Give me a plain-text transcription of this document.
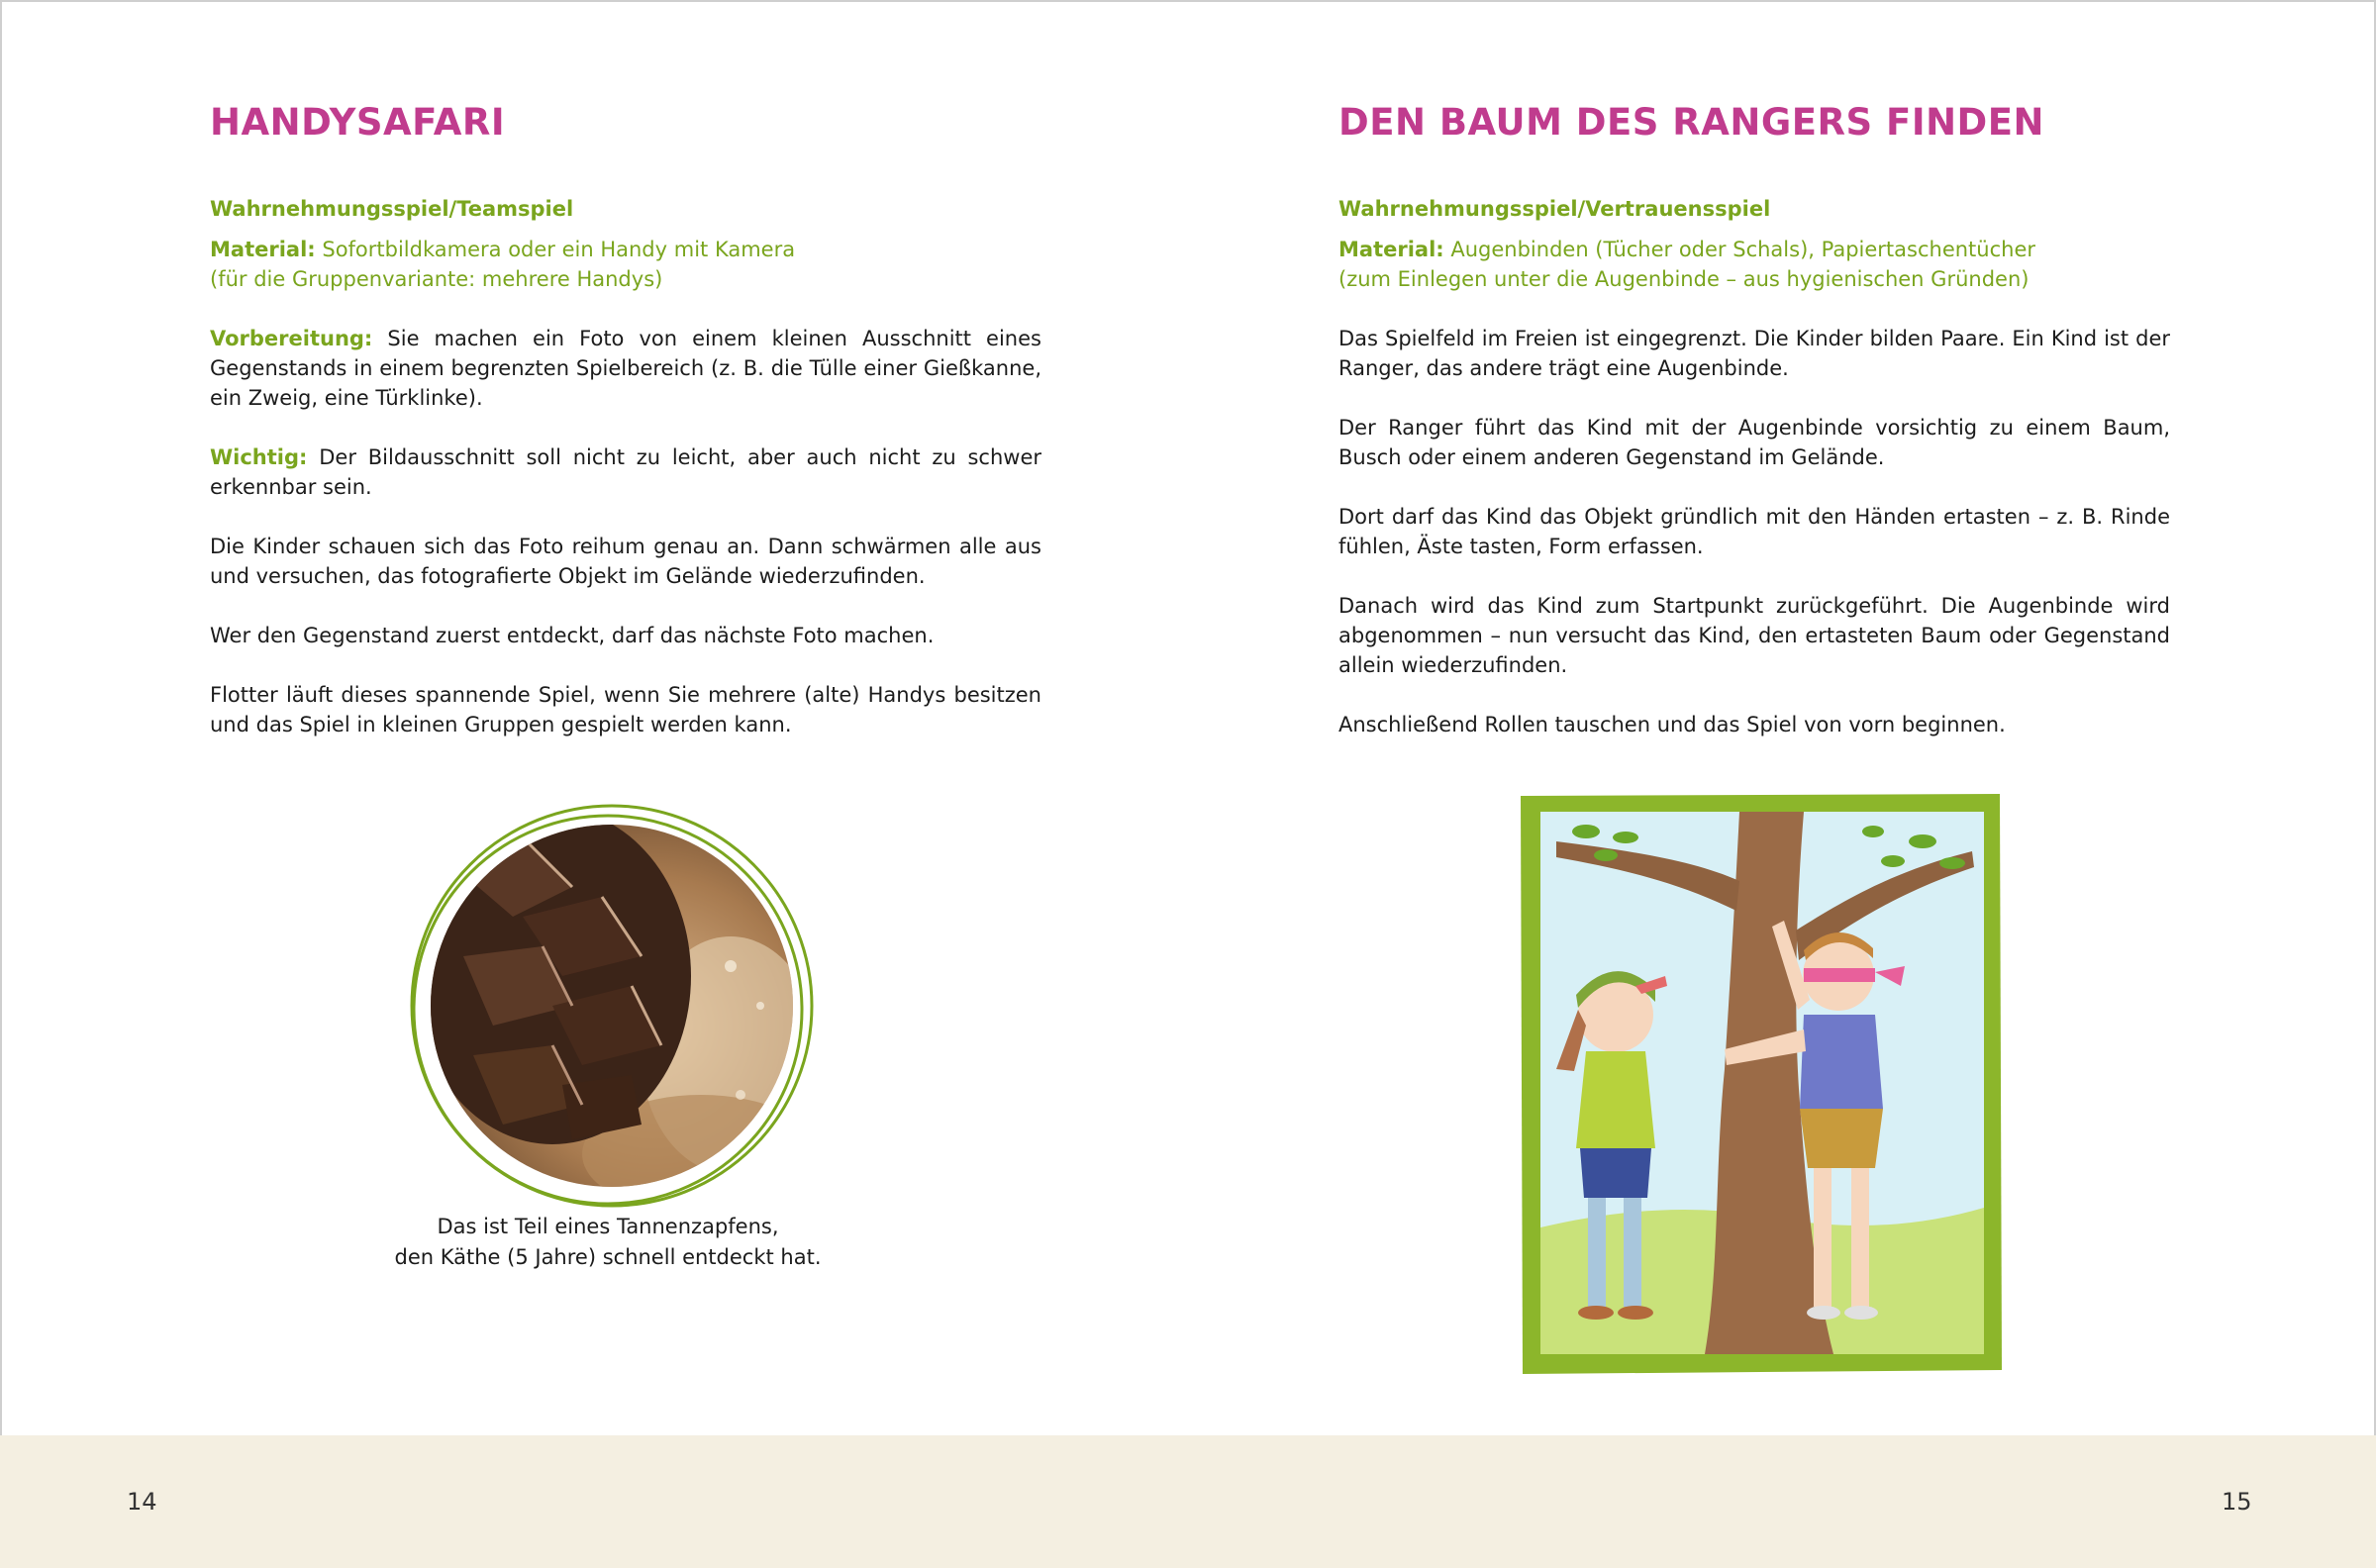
HANDYSAFARI
Wahrnehmungsspiel/Teamspiel
Material: Sofortbildkamera oder ein Handy mit Kamera
(für die Gruppenvariante: mehrere Handys)

Vorbereitung: Sie machen ein Foto von einem kleinen Ausschnitt eines Gegenstands in einem begrenzten Spielbereich (z. B. die Tülle einer Gießkanne, ein Zweig, eine Türklinke).

Wichtig: Der Bildausschnitt soll nicht zu leicht, aber auch nicht zu schwer erkennbar sein.

Die Kinder schauen sich das Foto reihum genau an. Dann schwärmen alle aus und versuchen, das fotografierte Objekt im Gelände wiederzufinden.

Wer den Gegenstand zuerst entdeckt, darf das nächste Foto machen.

Flotter läuft dieses spannende Spiel, wenn Sie mehrere (alte) Handys besitzen und das Spiel in kleinen Gruppen gespielt werden kann.

Das ist Teil eines Tannenzapfens,
den Käthe (5 Jahre) schnell entdeckt hat.
DEN BAUM DES RANGERS FINDEN
Wahrnehmungsspiel/Vertrauensspiel
Material: Augenbinden (Tücher oder Schals), Papiertaschentücher
(zum Einlegen unter die Augenbinde – aus hygienischen Gründen)

Das Spielfeld im Freien ist eingegrenzt. Die Kinder bilden Paare. Ein Kind ist der Ranger, das andere trägt eine Augenbinde.

Der Ranger führt das Kind mit der Augenbinde vorsichtig zu einem Baum, Busch oder einem anderen Gegenstand im Gelände.

Dort darf das Kind das Objekt gründlich mit den Händen ertasten – z. B. Rinde fühlen, Äste tasten, Form erfassen.

Danach wird das Kind zum Startpunkt zurückgeführt. Die Augenbinde wird abgenommen – nun versucht das Kind, den ertasteten Baum oder Gegenstand allein wiederzufinden.

Anschließend Rollen tauschen und das Spiel von vorn beginnen.

14	15
